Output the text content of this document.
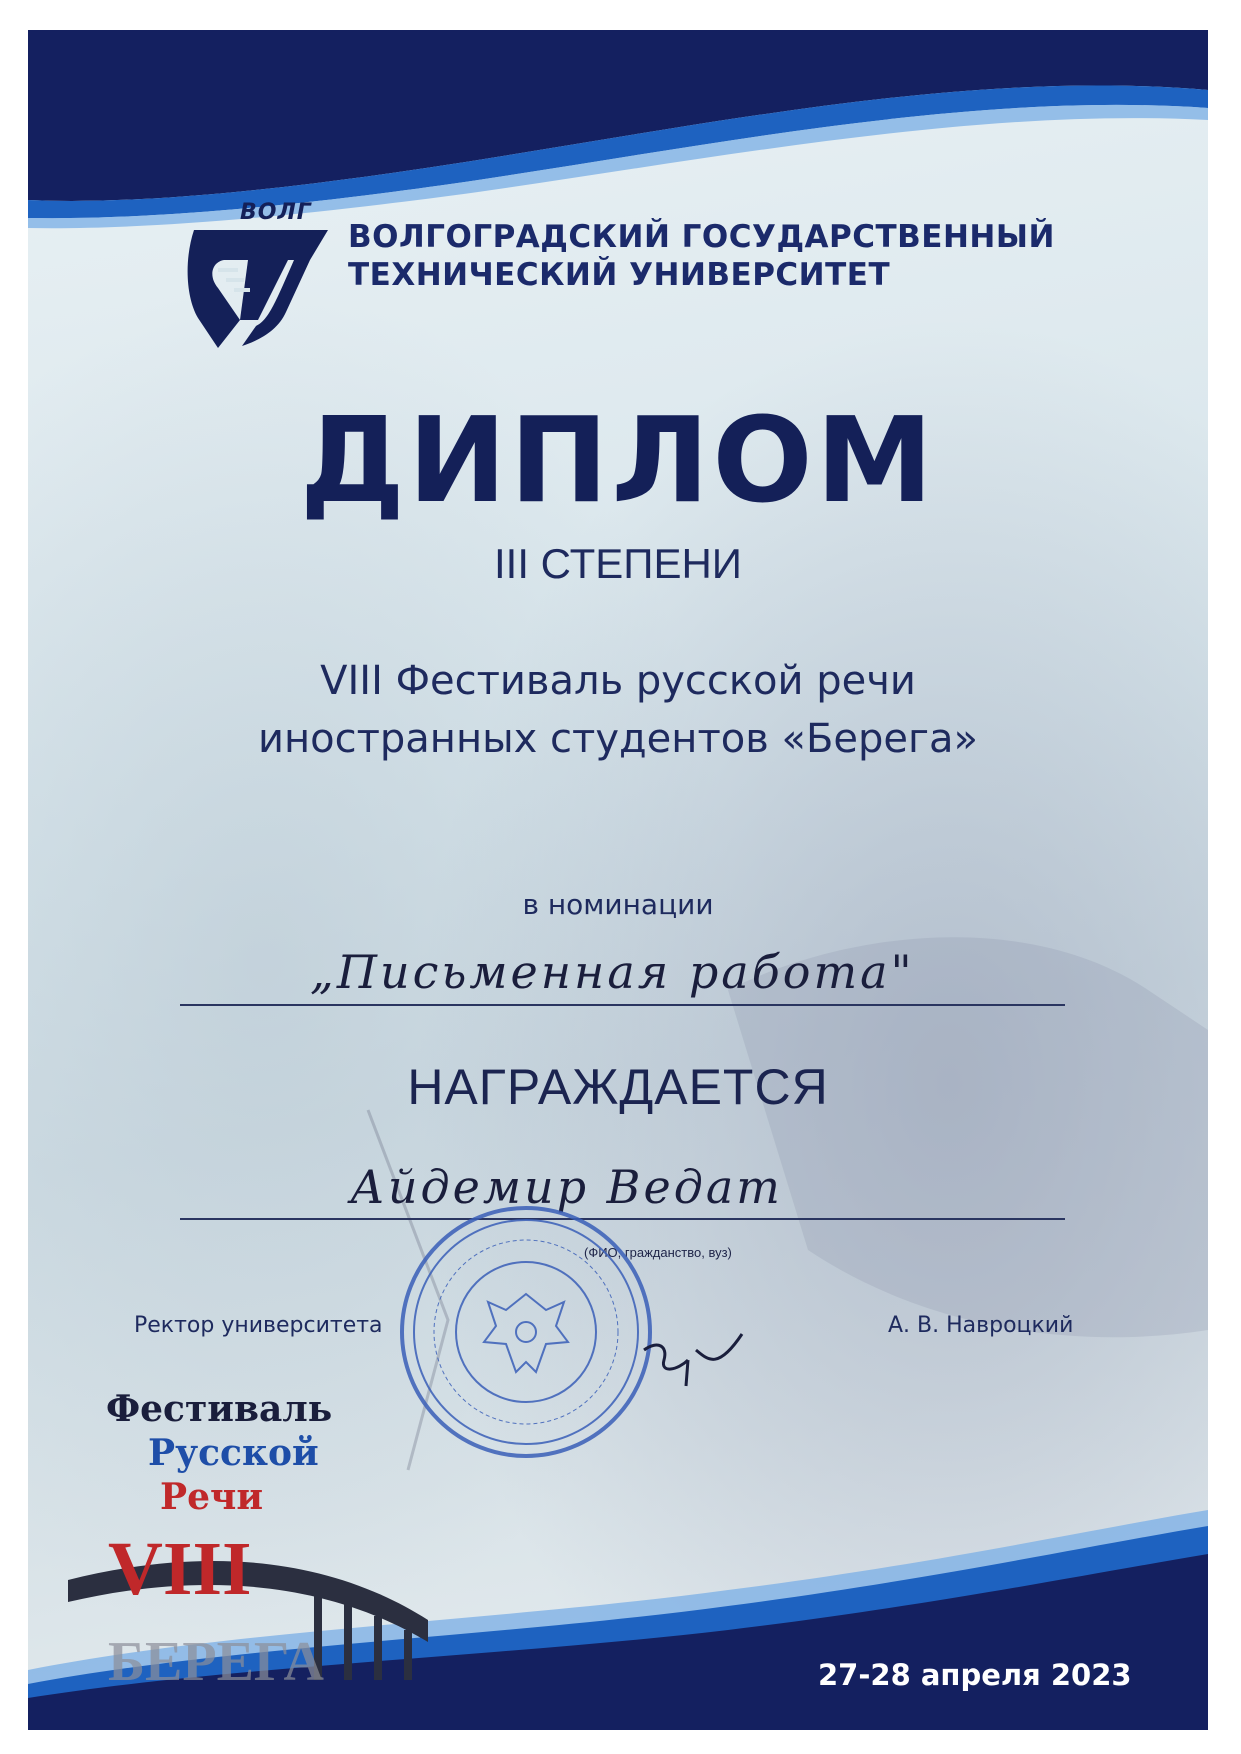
ВОЛГ
ВОЛГОГРАДСКИЙ ГОСУДАРСТВЕННЫЙ
ТЕХНИЧЕСКИЙ УНИВЕРСИТЕТ
ДИПЛОМ
III СТЕПЕНИ
VIII Фестиваль русской речи
иностранных студентов «Берега»
в номинации
„Письменная работа"
НАГРАЖДАЕТСЯ
Айдемир Ведат
(ФИО, гражданство, вуз)
Ректор университета	А. В. Навроцкий
Фестиваль
Русской
Речи
VIII
БЕРЕГА	27-28 апреля 2023
